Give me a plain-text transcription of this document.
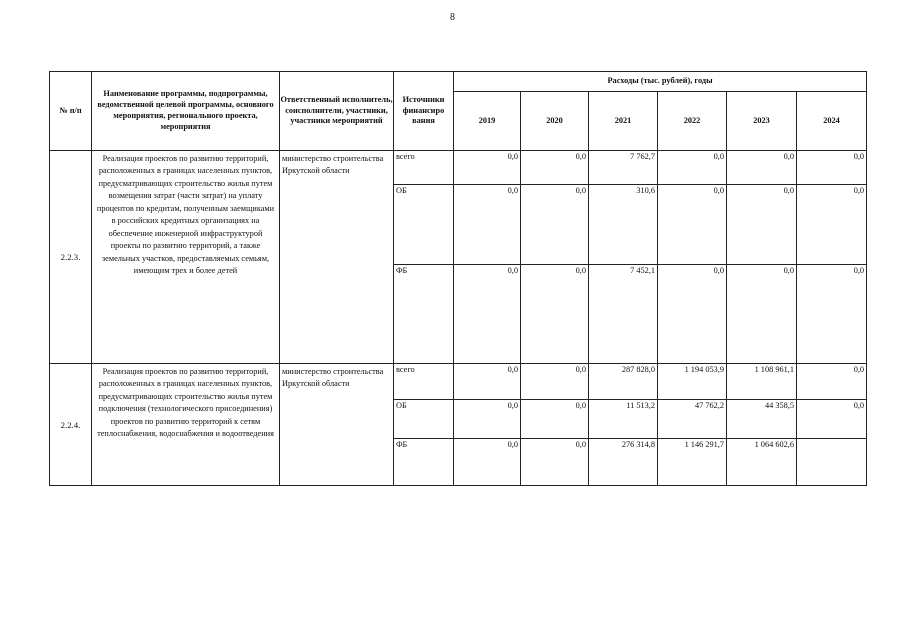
8
№ п/п	Наименование программы, подпрограммы, ведомственной целевой программы, основного мероприятия, регионального проекта, мероприятия	Ответственный исполнитель, соисполнители, участники, участники мероприятий	Источники финансиро вания	Расходы (тыс. рублей), годы					
				2019	2020	2021	2022	2023	2024
2.2.3.	Реализация проектов по развитию территорий, расположенных в границах населенных пунктов, предусматривающих строительство жилья путем возмещения затрат (части затрат) на уплату процентов по кредитам, полученным заемщиками в российских кредитных организациях на обеспечение инженерной инфраструктурой проекты по развитию территорий, а также земельных участков, предоставляемых семьям, имеющим трех и более детей	министерство строительства Иркутской области	всего	0,0	0,0	7 762,7	0,0	0,0	0,0
			ОБ	0,0	0,0	310,6	0,0	0,0	0,0
			ФБ	0,0	0,0	7 452,1	0,0	0,0	0,0
2.2.4.	Реализация проектов по развитию территорий, расположенных в границах населенных пунктов, предусматривающих строительство жилья путем подключения (технологического присоединения) проектов по развитию территорий к сетям теплоснабжения, водоснабжения и водоотведения	министерство строительства Иркутской области	всего	0,0	0,0	287 828,0	1 194 053,9	1 108 961,1	0,0
			ОБ	0,0	0,0	11 513,2	47 762,2	44 358,5	0,0
			ФБ	0,0	0,0	276 314,8	1 146 291,7	1 064 602,6	
